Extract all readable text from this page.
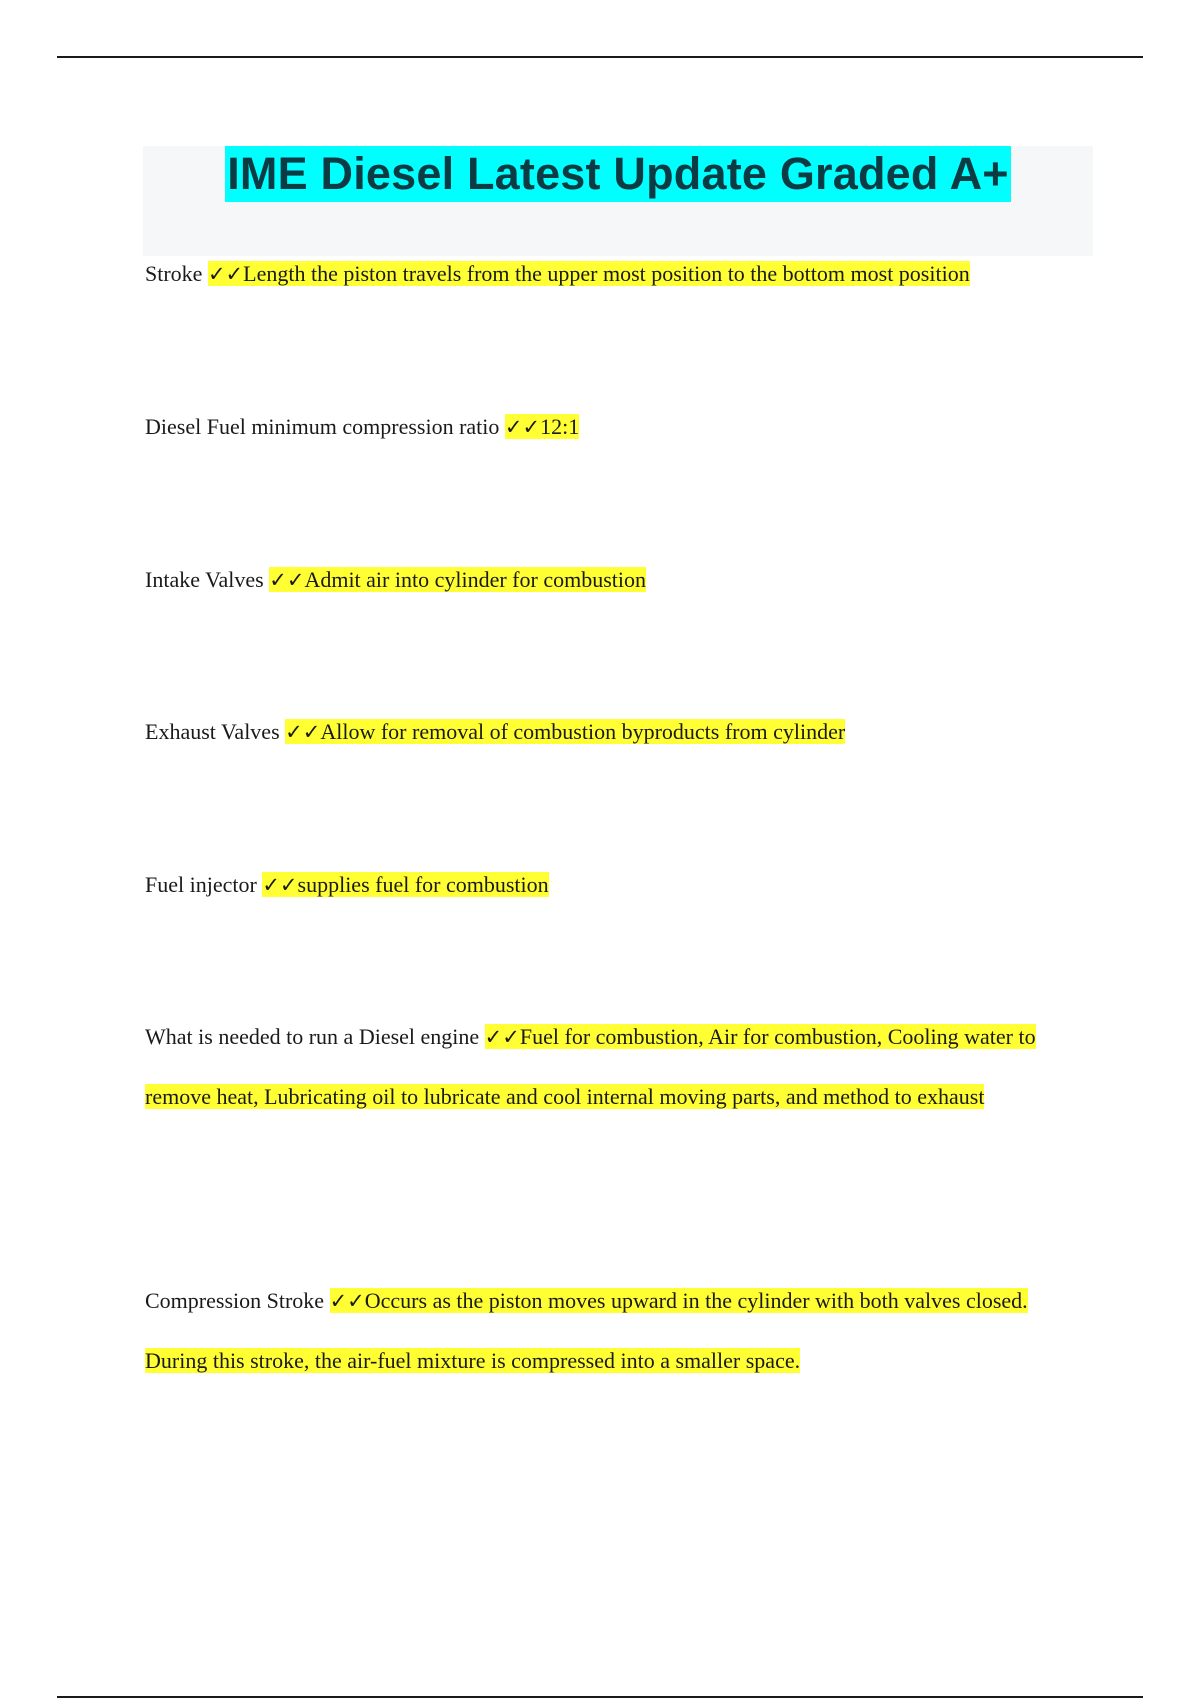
IME Diesel Latest Update Graded A+
Stroke ✓✓Length the piston travels from the upper most position to the bottom most position
Diesel Fuel minimum compression ratio ✓✓12:1
Intake Valves ✓✓Admit air into cylinder for combustion
Exhaust Valves ✓✓Allow for removal of combustion byproducts from cylinder
Fuel injector ✓✓supplies fuel for combustion
What is needed to run a Diesel engine ✓✓Fuel for combustion, Air for combustion, Cooling water to remove heat, Lubricating oil to lubricate and cool internal moving parts, and method to exhaust
Compression Stroke ✓✓Occurs as the piston moves upward in the cylinder with both valves closed. During this stroke, the air-fuel mixture is compressed into a smaller space.
